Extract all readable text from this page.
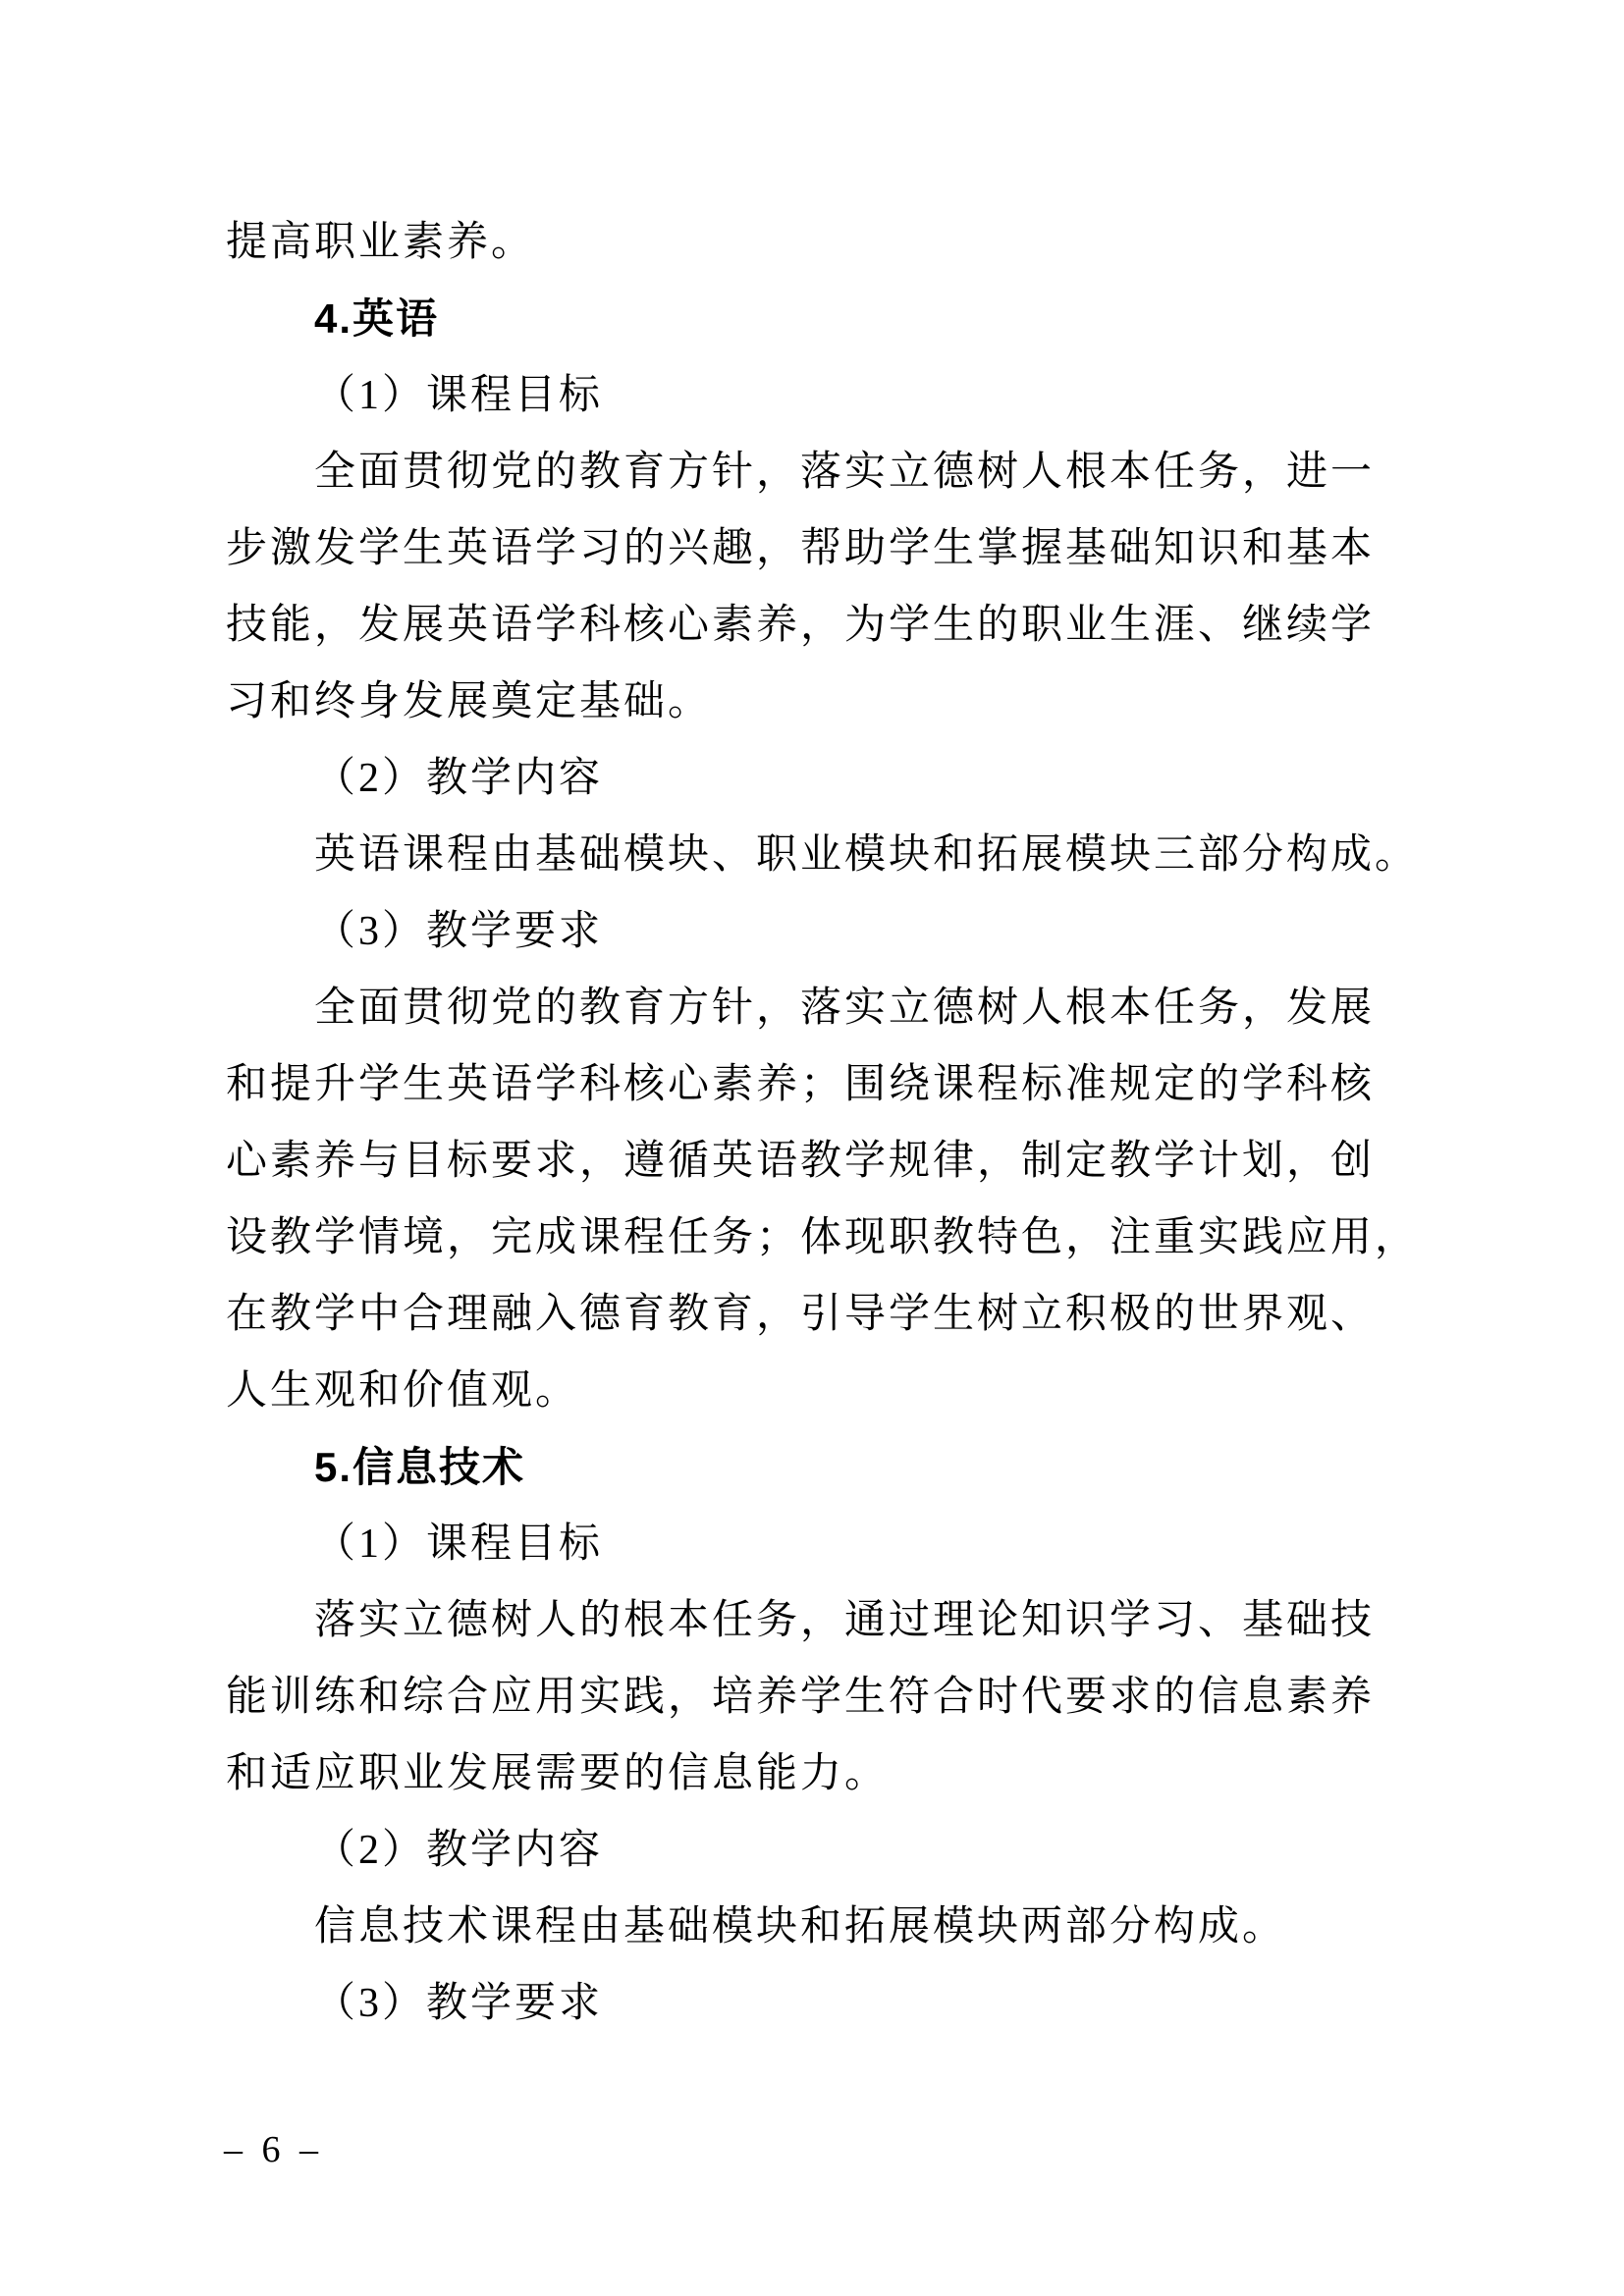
提高职业素养。
4.英语
（1）课程目标
全面贯彻党的教育方针，落实立德树人根本任务，进一
步激发学生英语学习的兴趣，帮助学生掌握基础知识和基本
技能，发展英语学科核心素养，为学生的职业生涯、继续学
习和终身发展奠定基础。
（2）教学内容
英语课程由基础模块、职业模块和拓展模块三部分构成。
（3）教学要求
全面贯彻党的教育方针，落实立德树人根本任务，发展
和提升学生英语学科核心素养；围绕课程标准规定的学科核
心素养与目标要求，遵循英语教学规律，制定教学计划，创
设教学情境，完成课程任务；体现职教特色，注重实践应用，
在教学中合理融入德育教育，引导学生树立积极的世界观、
人生观和价值观。
5.信息技术
（1）课程目标
落实立德树人的根本任务，通过理论知识学习、基础技
能训练和综合应用实践，培养学生符合时代要求的信息素养
和适应职业发展需要的信息能力。
（2）教学内容
信息技术课程由基础模块和拓展模块两部分构成。
（3）教学要求
– 6 –
